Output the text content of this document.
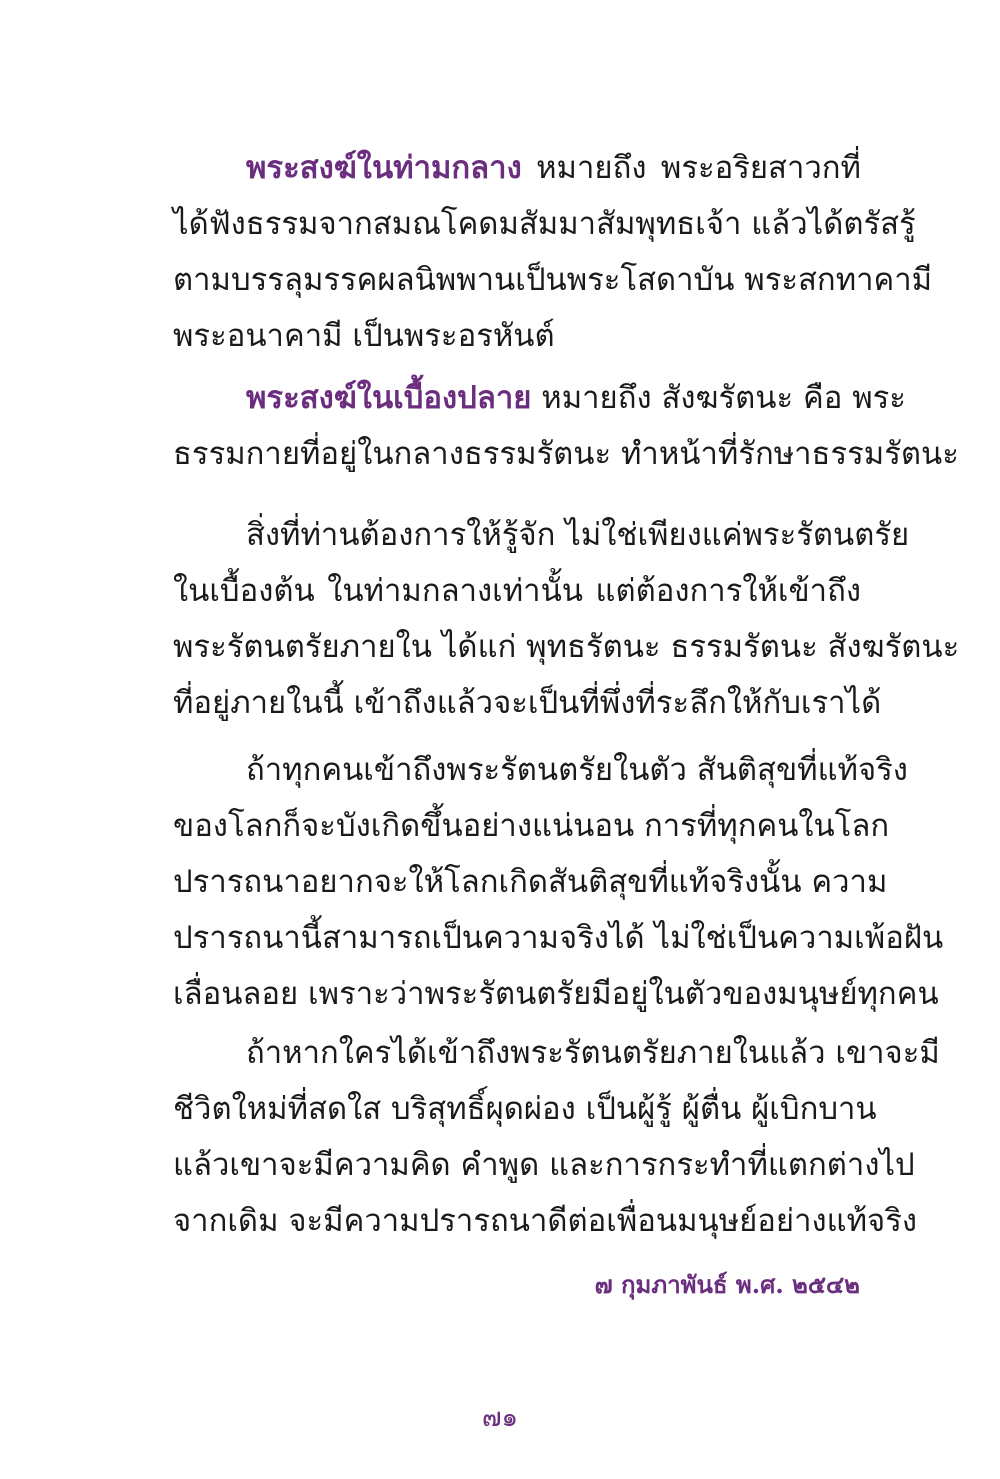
พระสงฆ์ในท่ามกลาง หมายถึง พระอริยสาวกที่
ได้ฟังธรรมจากสมณโคดมสัมมาสัมพุทธเจ้า แล้วได้ตรัสรู้
ตามบรรลุมรรคผลนิพพานเป็นพระโสดาบัน พระสกทาคามี
พระอนาคามี เป็นพระอรหันต์
พระสงฆ์ในเบื้องปลาย หมายถึง สังฆรัตนะ คือ พระ
ธรรมกายที่อยู่ในกลางธรรมรัตนะ ทำหน้าที่รักษาธรรมรัตนะ
สิ่งที่ท่านต้องการให้รู้จัก ไม่ใช่เพียงแค่พระรัตนตรัย
ในเบื้องต้น ในท่ามกลางเท่านั้น แต่ต้องการให้เข้าถึง
พระรัตนตรัยภายใน ได้แก่ พุทธรัตนะ ธรรมรัตนะ สังฆรัตนะ
ที่อยู่ภายในนี้ เข้าถึงแล้วจะเป็นที่พึ่งที่ระลึกให้กับเราได้
ถ้าทุกคนเข้าถึงพระรัตนตรัยในตัว สันติสุขที่แท้จริง
ของโลกก็จะบังเกิดขึ้นอย่างแน่นอน การที่ทุกคนในโลก
ปรารถนาอยากจะให้โลกเกิดสันติสุขที่แท้จริงนั้น ความ
ปรารถนานี้สามารถเป็นความจริงได้ ไม่ใช่เป็นความเพ้อฝัน
เลื่อนลอย เพราะว่าพระรัตนตรัยมีอยู่ในตัวของมนุษย์ทุกคน
ถ้าหากใครได้เข้าถึงพระรัตนตรัยภายในแล้ว เขาจะมี
ชีวิตใหม่ที่สดใส บริสุทธิ์ผุดผ่อง เป็นผู้รู้ ผู้ตื่น ผู้เบิกบาน
แล้วเขาจะมีความคิด คำพูด และการกระทำที่แตกต่างไป
จากเดิม จะมีความปรารถนาดีต่อเพื่อนมนุษย์อย่างแท้จริง
๗ กุมภาพันธ์ พ.ศ. ๒๕๔๒
๗๑
